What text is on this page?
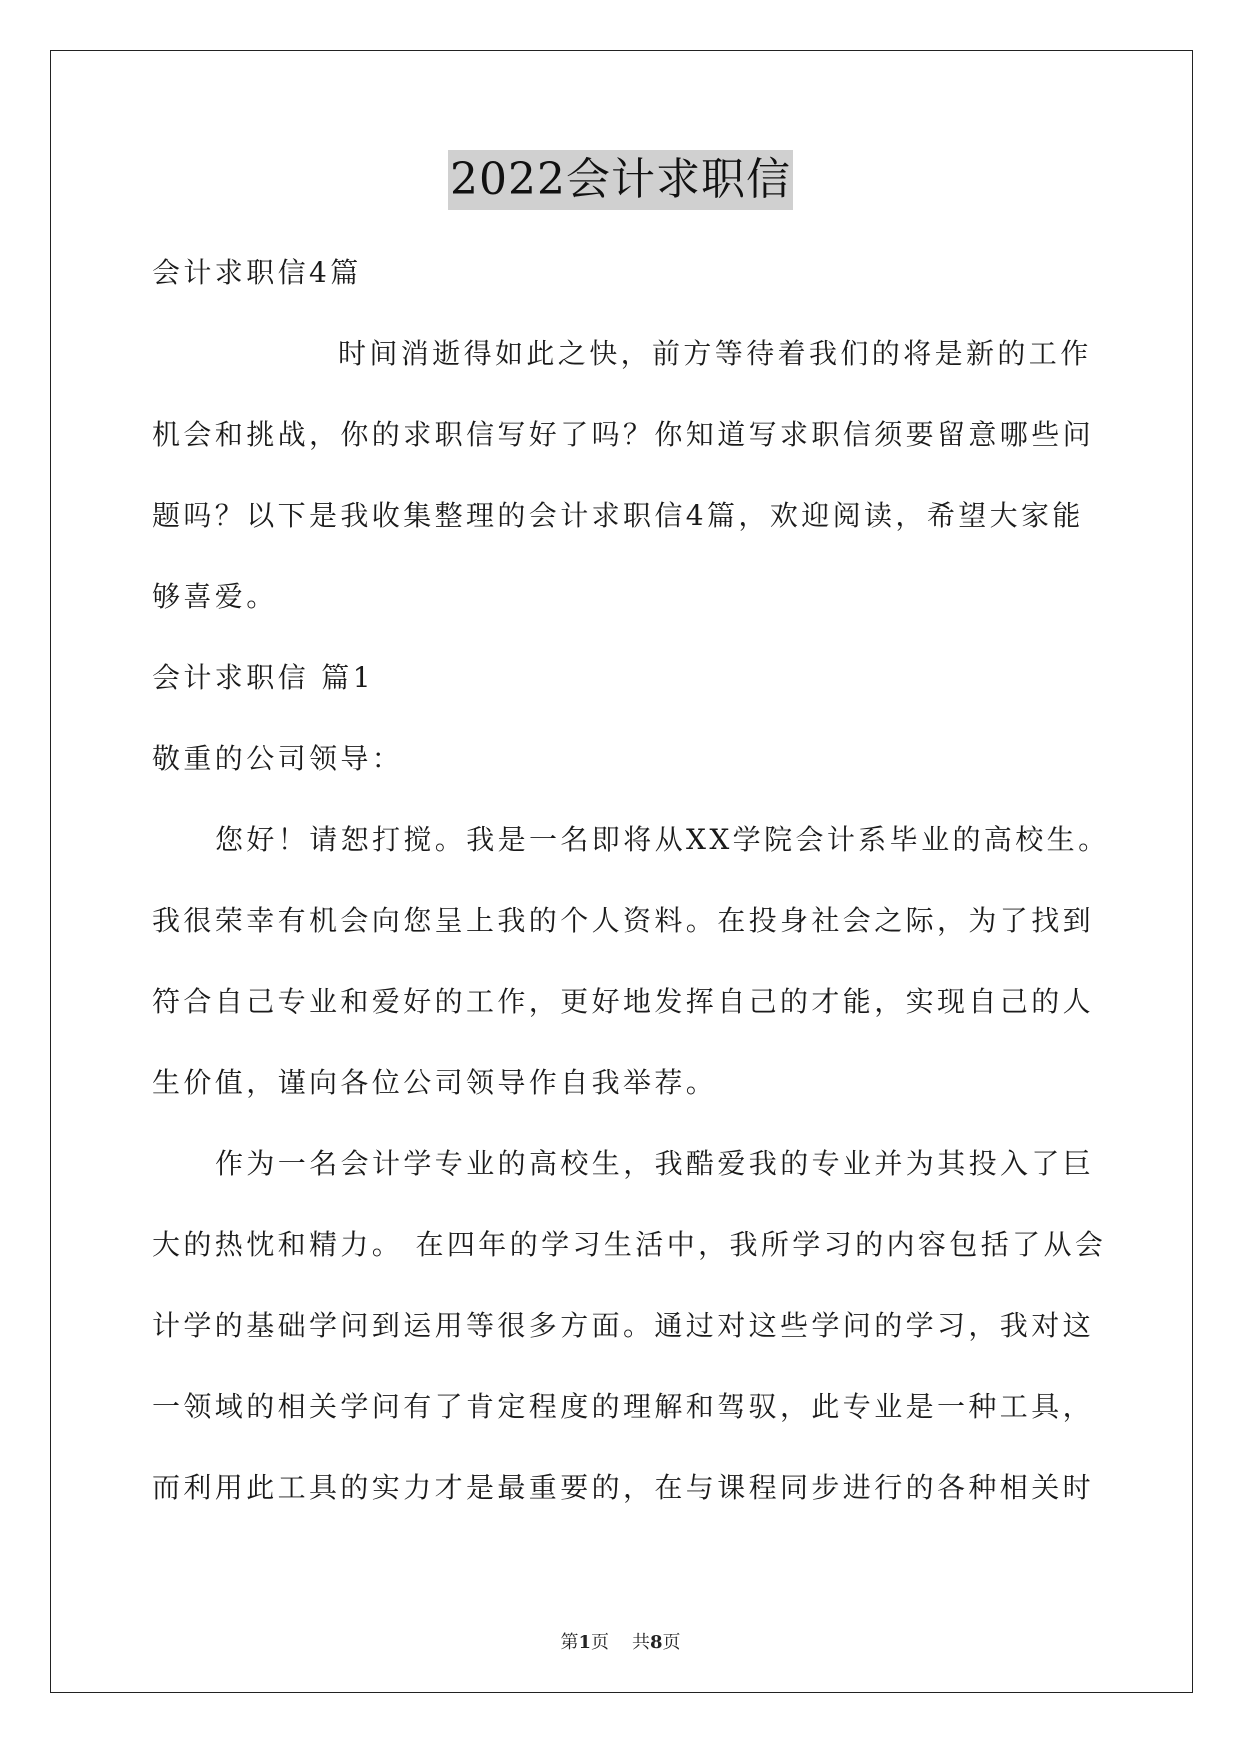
2022会计求职信
会计求职信4篇
时间消逝得如此之快，前方等待着我们的将是新的工作
机会和挑战，你的求职信写好了吗？你知道写求职信须要留意哪些问
题吗？以下是我收集整理的会计求职信4篇，欢迎阅读，希望大家能
够喜爱。
会计求职信 篇1
敬重的公司领导：
您好！请恕打搅。我是一名即将从XX学院会计系毕业的高校生。
我很荣幸有机会向您呈上我的个人资料。在投身社会之际，为了找到
符合自己专业和爱好的工作，更好地发挥自己的才能，实现自己的人
生价值，谨向各位公司领导作自我举荐。
作为一名会计学专业的高校生，我酷爱我的专业并为其投入了巨
大的热忱和精力。 在四年的学习生活中，我所学习的内容包括了从会
计学的基础学问到运用等很多方面。通过对这些学问的学习，我对这
一领域的相关学问有了肯定程度的理解和驾驭，此专业是一种工具，
而利用此工具的实力才是最重要的，在与课程同步进行的各种相关时
第1页 共8页
